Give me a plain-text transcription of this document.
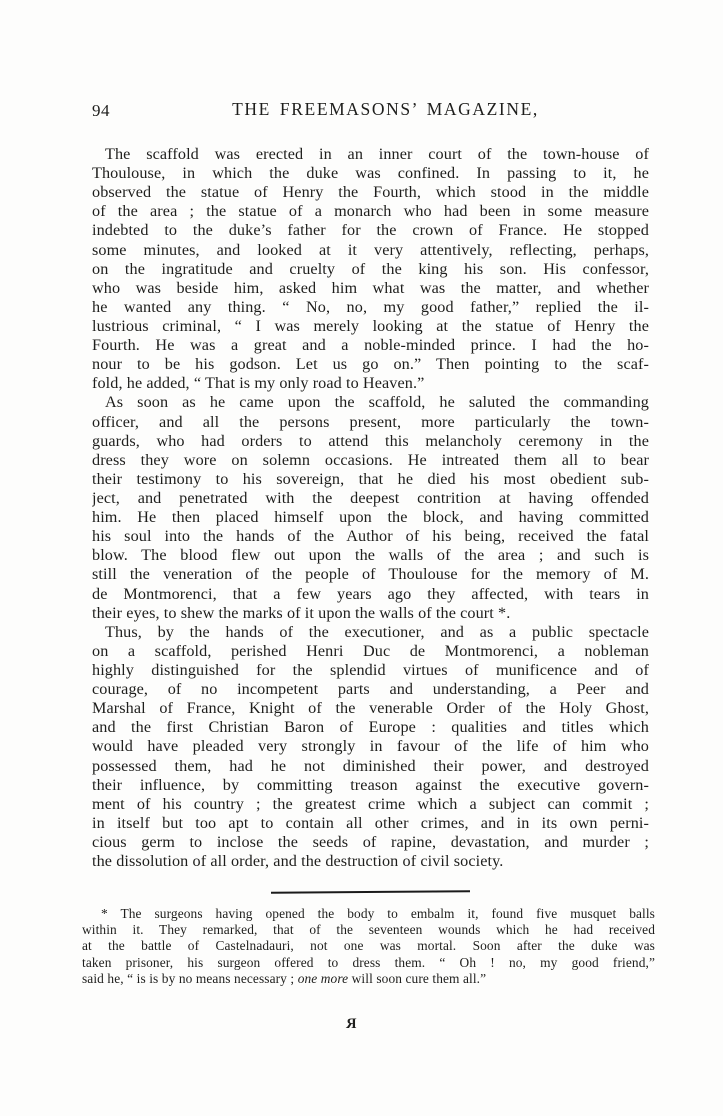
94	THE FREEMASONS’ MAGAZINE,
The scaffold was erected in an inner court of the town-house of
Thoulouse, in which the duke was confined. In passing to it, he
observed the statue of Henry the Fourth, which stood in the middle
of the area ; the statue of a monarch who had been in some measure
indebted to the duke’s father for the crown of France. He stopped
some minutes, and looked at it very attentively, reflecting, perhaps,
on the ingratitude and cruelty of the king his son. His confessor,
who was beside him, asked him what was the matter, and whether
he wanted any thing. “ No, no, my good father,” replied the il-
lustrious criminal, “ I was merely looking at the statue of Henry the
Fourth. He was a great and a noble-minded prince. I had the ho-
nour to be his godson. Let us go on.” Then pointing to the scaf-
fold, he added, “ That is my only road to Heaven.”
As soon as he came upon the scaffold, he saluted the commanding
officer, and all the persons present, more particularly the town-
guards, who had orders to attend this melancholy ceremony in the
dress they wore on solemn occasions. He intreated them all to bear
their testimony to his sovereign, that he died his most obedient sub-
ject, and penetrated with the deepest contrition at having offended
him. He then placed himself upon the block, and having committed
his soul into the hands of the Author of his being, received the fatal
blow. The blood flew out upon the walls of the area ; and such is
still the veneration of the people of Thoulouse for the memory of M.
de Montmorenci, that a few years ago they affected, with tears in
their eyes, to shew the marks of it upon the walls of the court *.
Thus, by the hands of the executioner, and as a public spectacle
on a scaffold, perished Henri Duc de Montmorenci, a nobleman
highly distinguished for the splendid virtues of munificence and of
courage, of no incompetent parts and understanding, a Peer and
Marshal of France, Knight of the venerable Order of the Holy Ghost,
and the first Christian Baron of Europe : qualities and titles which
would have pleaded very strongly in favour of the life of him who
possessed them, had he not diminished their power, and destroyed
their influence, by committing treason against the executive govern-
ment of his country ; the greatest crime which a subject can commit ;
in itself but too apt to contain all other crimes, and in its own perni-
cious germ to inclose the seeds of rapine, devastation, and murder ;
the dissolution of all order, and the destruction of civil society.
* The surgeons having opened the body to embalm it, found five musquet balls
within it. They remarked, that of the seventeen wounds which he had received
at the battle of Castelnadauri, not one was mortal. Soon after the duke was
taken prisoner, his surgeon offered to dress them. “ Oh ! no, my good friend,”
said he, “ is is by no means necessary ; one more will soon cure them all.”
R
